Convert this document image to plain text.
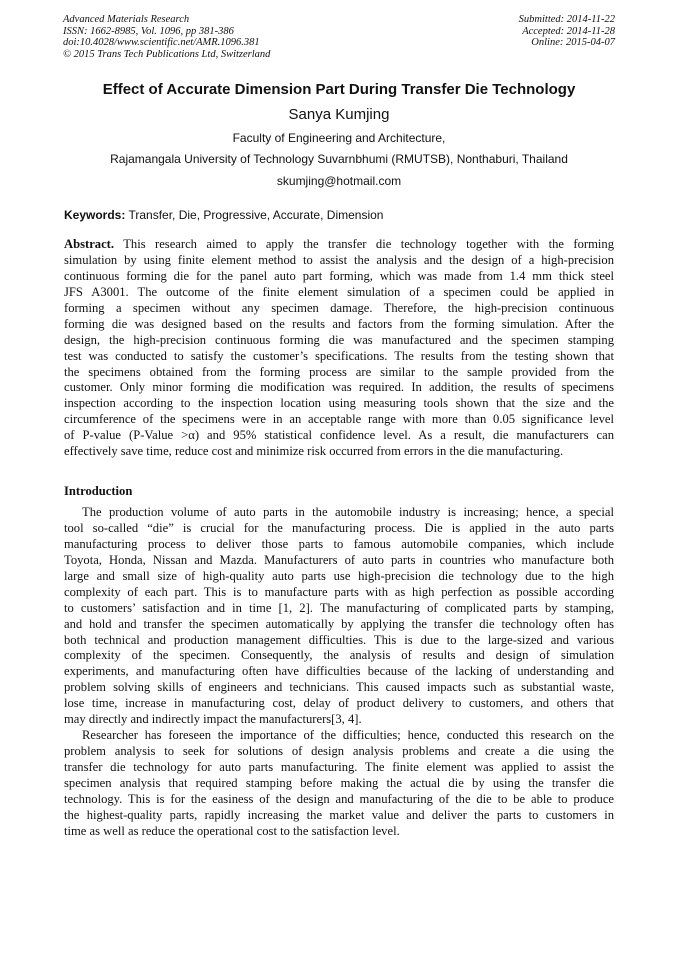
Advanced Materials Research
ISSN: 1662-8985, Vol. 1096, pp 381-386
doi:10.4028/www.scientific.net/AMR.1096.381
© 2015 Trans Tech Publications Ltd, Switzerland
Submitted: 2014-11-22
Accepted: 2014-11-28
Online: 2015-04-07
Effect of Accurate Dimension Part During Transfer Die Technology
Sanya Kumjing
Faculty of Engineering and Architecture,
Rajamangala University of Technology Suvarnbhumi (RMUTSB), Nonthaburi, Thailand
skumjing@hotmail.com
Keywords: Transfer, Die, Progressive, Accurate, Dimension
Abstract. This research aimed to apply the transfer die technology together with the forming
simulation by using finite element method to assist the analysis and the design of a high-precision
continuous forming die for the panel auto part forming, which was made from 1.4 mm thick steel
JFS A3001. The outcome of the finite element simulation of a specimen could be applied in
forming a specimen without any specimen damage. Therefore, the high-precision continuous
forming die was designed based on the results and factors from the forming simulation. After the
design, the high-precision continuous forming die was manufactured and the specimen stamping
test was conducted to satisfy the customer’s specifications. The results from the testing shown that
the specimens obtained from the forming process are similar to the sample provided from the
customer. Only minor forming die modification was required. In addition, the results of specimens
inspection according to the inspection location using measuring tools shown that the size and the
circumference of the specimens were in an acceptable range with more than 0.05 significance level
of P-value (P-Value >α) and 95% statistical confidence level. As a result, die manufacturers can
effectively save time, reduce cost and minimize risk occurred from errors in the die manufacturing.
Introduction
The production volume of auto parts in the automobile industry is increasing; hence, a special
tool so-called “die” is crucial for the manufacturing process. Die is applied in the auto parts
manufacturing process to deliver those parts to famous automobile companies, which include
Toyota, Honda, Nissan and Mazda. Manufacturers of auto parts in countries who manufacture both
large and small size of high-quality auto parts use high-precision die technology due to the high
complexity of each part. This is to manufacture parts with as high perfection as possible according
to customers’ satisfaction and in time [1, 2]. The manufacturing of complicated parts by stamping,
and hold and transfer the specimen automatically by applying the transfer die technology often has
both technical and production management difficulties. This is due to the large-sized and various
complexity of the specimen. Consequently, the analysis of results and design of simulation
experiments, and manufacturing often have difficulties because of the lacking of understanding and
problem solving skills of engineers and technicians. This caused impacts such as substantial waste,
lose time, increase in manufacturing cost, delay of product delivery to customers, and others that
may directly and indirectly impact the manufacturers[3, 4].
Researcher has foreseen the importance of the difficulties; hence, conducted this research on the
problem analysis to seek for solutions of design analysis problems and create a die using the
transfer die technology for auto parts manufacturing. The finite element was applied to assist the
specimen analysis that required stamping before making the actual die by using the transfer die
technology. This is for the easiness of the design and manufacturing of the die to be able to produce
the highest-quality parts, rapidly increasing the market value and deliver the parts to customers in
time as well as reduce the operational cost to the satisfaction level.
